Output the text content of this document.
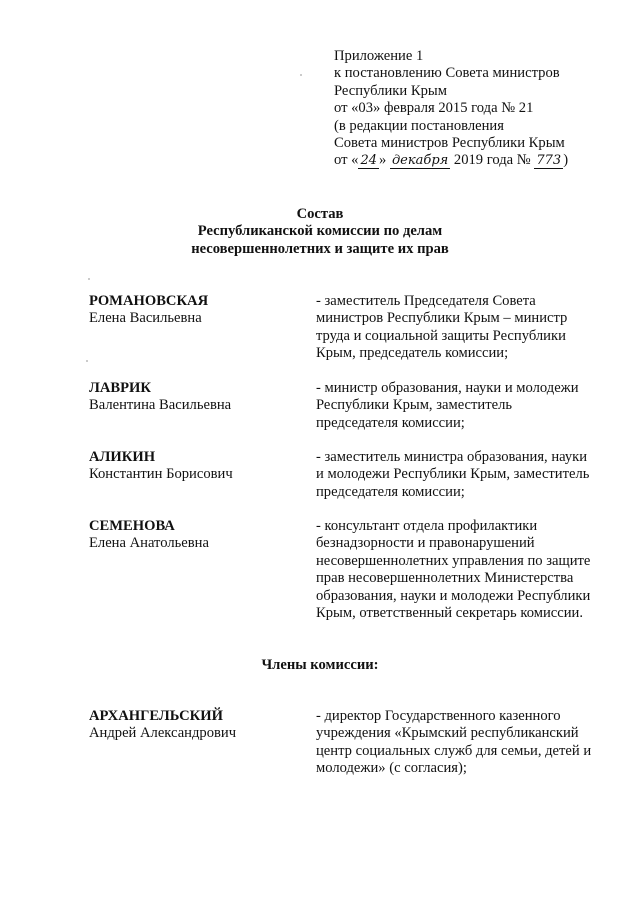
Приложение 1
к постановлению Совета министров
Республики Крым
от «03» февраля 2015 года № 21
(в редакции постановления
Совета министров Республики Крым
от « 24 » декабря 2019 года № 773 )
Состав
Республиканской комиссии по делам
несовершеннолетних и защите их прав
РОМАНОВСКАЯ
Елена Васильевна
- заместитель Председателя Совета
министров Республики Крым – министр
труда и социальной защиты Республики
Крым, председатель комиссии;
ЛАВРИК
Валентина Васильевна
- министр образования, науки и молодежи
Республики Крым, заместитель
председателя комиссии;
АЛИКИН
Константин Борисович
- заместитель министра образования, науки
и молодежи Республики Крым, заместитель
председателя комиссии;
СЕМЕНОВА
Елена Анатольевна
- консультант отдела профилактики
безнадзорности и правонарушений
несовершеннолетних управления по защите
прав несовершеннолетних Министерства
образования, науки и молодежи Республики
Крым, ответственный секретарь комиссии.
Члены комиссии:
АРХАНГЕЛЬСКИЙ
Андрей Александрович
- директор Государственного казенного
учреждения «Крымский республиканский
центр социальных служб для семьи, детей и
молодежи» (с согласия);
